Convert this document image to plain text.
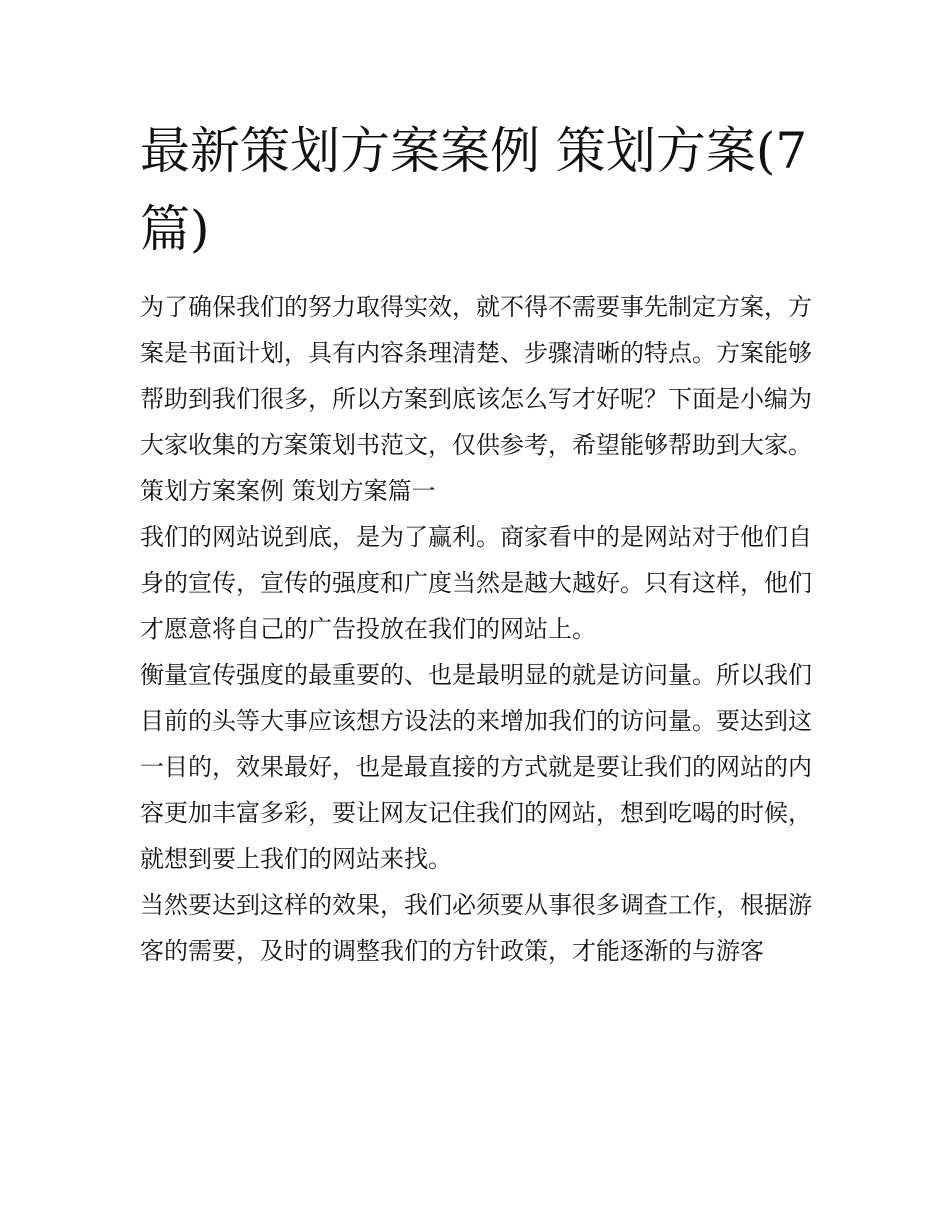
最新策划方案案例 策划方案(7篇)

为了确保我们的努力取得实效，就不得不需要事先制定方案，方案是书面计划，具有内容条理清楚、步骤清晰的特点。方案能够帮助到我们很多，所以方案到底该怎么写才好呢？下面是小编为大家收集的方案策划书范文，仅供参考，希望能够帮助到大家。

策划方案案例 策划方案篇一

我们的网站说到底，是为了赢利。商家看中的是网站对于他们自身的宣传，宣传的强度和广度当然是越大越好。只有这样，他们才愿意将自己的广告投放在我们的网站上。

衡量宣传强度的最重要的、也是最明显的就是访问量。所以我们目前的头等大事应该想方设法的来增加我们的访问量。要达到这一目的，效果最好，也是最直接的方式就是要让我们的网站的内容更加丰富多彩，要让网友记住我们的网站，想到吃喝的时候，就想到要上我们的网站来找。

当然要达到这样的效果，我们必须要从事很多调查工作，根据游客的需要，及时的调整我们的方针政策，才能逐渐的与游客
